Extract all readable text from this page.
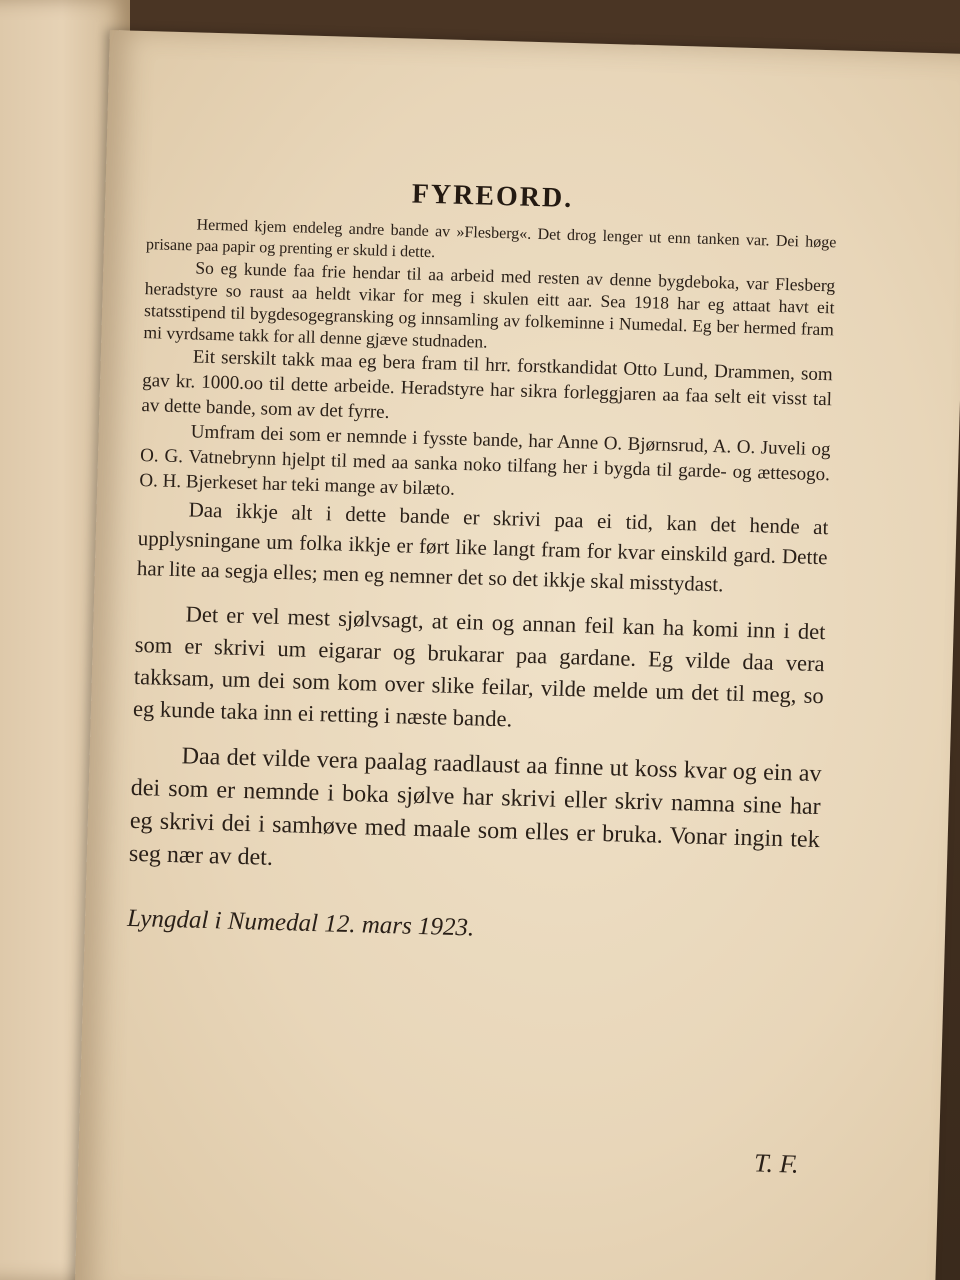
FYREORD.

Hermed kjem endeleg andre bande av »Flesberg«. Det drog lenger ut enn tanken var. Dei høge prisane paa papir og prenting er skuld i dette.

So eg kunde faa frie hendar til aa arbeid med resten av denne bygdeboka, var Flesberg heradstyre so raust aa heldt vikar for meg i skulen eitt aar. Sea 1918 har eg attaat havt eit statsstipend til bygdesogegransking og innsamling av folkeminne i Numedal. Eg ber hermed fram mi vyrdsame takk for all denne gjæve studnaden.

Eit serskilt takk maa eg bera fram til hrr. forstkandidat Otto Lund, Drammen, som gav kr. 1000.oo til dette arbeide. Heradstyre har sikra forleggjaren aa faa selt eit visst tal av dette bande, som av det fyrre.

Umfram dei som er nemnde i fysste bande, har Anne O. Bjørnsrud, A. O. Juveli og O. G. Vatnebrynn hjelpt til med aa sanka noko tilfang her i bygda til garde- og ættesogo. O. H. Bjerkeset har teki mange av bilæto.

Daa ikkje alt i dette bande er skrivi paa ei tid, kan det hende at upplysningane um folka ikkje er ført like langt fram for kvar einskild gard. Dette har lite aa segja elles; men eg nemner det so det ikkje skal misstydast.

Det er vel mest sjølvsagt, at ein og annan feil kan ha komi inn i det som er skrivi um eigarar og brukarar paa gardane. Eg vilde daa vera takksam, um dei som kom over slike feilar, vilde melde um det til meg, so eg kunde taka inn ei retting i næste bande.

Daa det vilde vera paalag raadlaust aa finne ut koss kvar og ein av dei som er nemnde i boka sjølve har skrivi eller skriv namna sine har eg skrivi dei i samhøve med maale som elles er bruka. Vonar ingin tek seg nær av det.

Lyngdal i Numedal 12. mars 1923.

T. F.
